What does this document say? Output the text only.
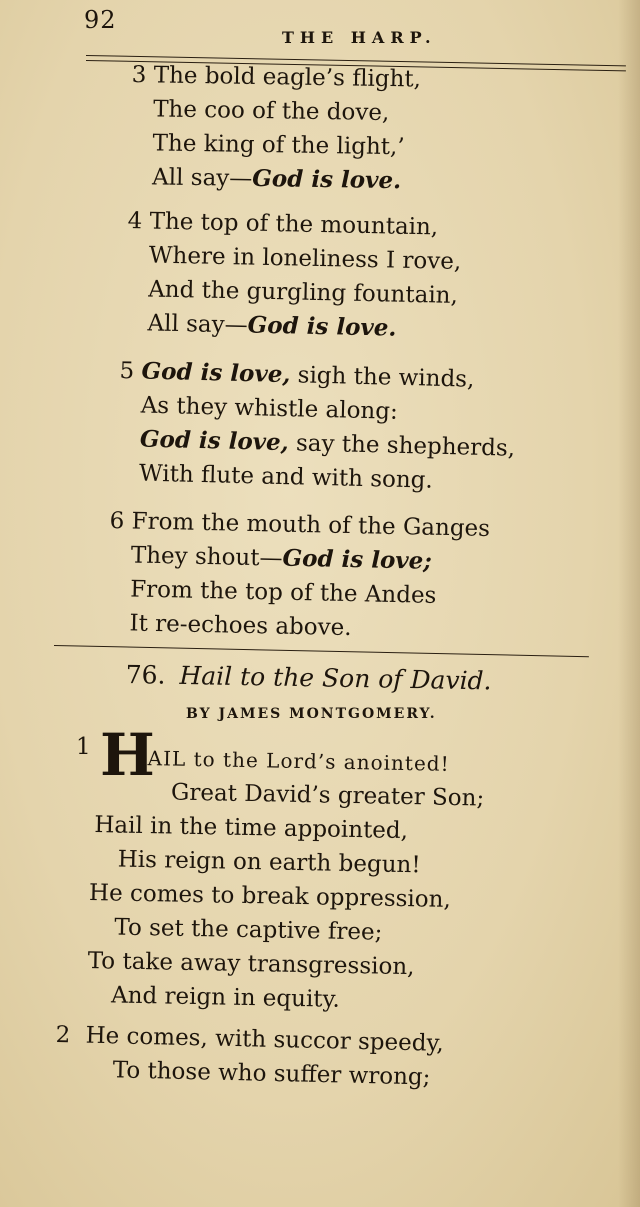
92
THE HARP.
3 The bold eagle’s flight,
The coo of the dove,
The king of the light,’
All say—God is love.
4 The top of the mountain,
Where in loneliness I rove,
And the gurgling fountain,
All say—God is love.
5 God is love, sigh the winds,
As they whistle along:
God is love, say the shepherds,
With flute and with song.
6 From the mouth of the Ganges
They shout—God is love;
From the top of the Andes
It re-echoes above.
76. Hail to the Son of David.
BY JAMES MONTGOMERY.
1 H
AIL to the Lord’s anointed!
Great David’s greater Son;
Hail in the time appointed,
His reign on earth begun!
He comes to break oppression,
To set the captive free;
To take away transgression,
And reign in equity.
2 He comes, with succor speedy,
To those who suffer wrong;
